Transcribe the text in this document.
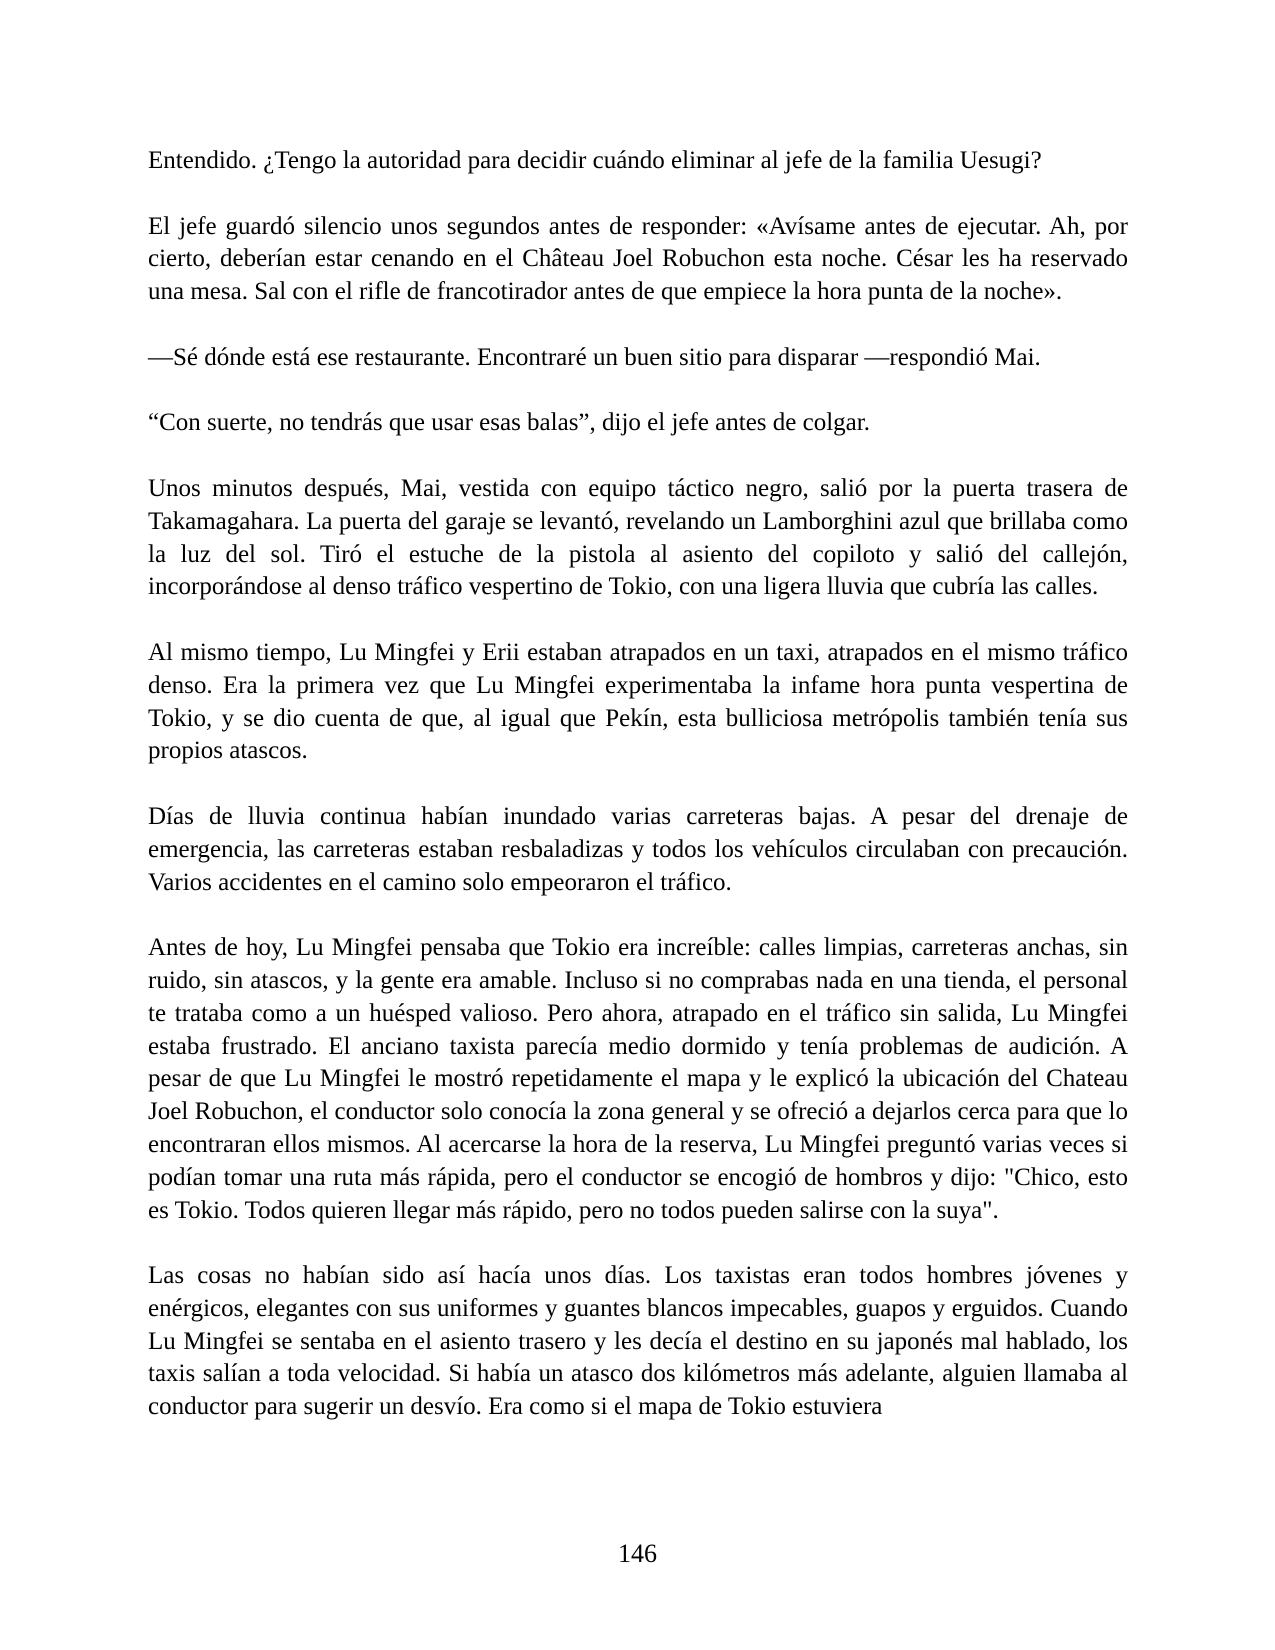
Entendido. ¿Tengo la autoridad para decidir cuándo eliminar al jefe de la familia Uesugi?

El jefe guardó silencio unos segundos antes de responder: «Avísame antes de ejecutar. Ah, por cierto, deberían estar cenando en el Château Joel Robuchon esta noche. César les ha reservado una mesa. Sal con el rifle de francotirador antes de que empiece la hora punta de la noche».

—Sé dónde está ese restaurante. Encontraré un buen sitio para disparar —respondió Mai.

“Con suerte, no tendrás que usar esas balas”, dijo el jefe antes de colgar.

Unos minutos después, Mai, vestida con equipo táctico negro, salió por la puerta trasera de Takamagahara. La puerta del garaje se levantó, revelando un Lamborghini azul que brillaba como la luz del sol. Tiró el estuche de la pistola al asiento del copiloto y salió del callejón, incorporándose al denso tráfico vespertino de Tokio, con una ligera lluvia que cubría las calles.

Al mismo tiempo, Lu Mingfei y Erii estaban atrapados en un taxi, atrapados en el mismo tráfico denso. Era la primera vez que Lu Mingfei experimentaba la infame hora punta vespertina de Tokio, y se dio cuenta de que, al igual que Pekín, esta bulliciosa metrópolis también tenía sus propios atascos.

Días de lluvia continua habían inundado varias carreteras bajas. A pesar del drenaje de emergencia, las carreteras estaban resbaladizas y todos los vehículos circulaban con precaución. Varios accidentes en el camino solo empeoraron el tráfico.

Antes de hoy, Lu Mingfei pensaba que Tokio era increíble: calles limpias, carreteras anchas, sin ruido, sin atascos, y la gente era amable. Incluso si no comprabas nada en una tienda, el personal te trataba como a un huésped valioso. Pero ahora, atrapado en el tráfico sin salida, Lu Mingfei estaba frustrado. El anciano taxista parecía medio dormido y tenía problemas de audición. A pesar de que Lu Mingfei le mostró repetidamente el mapa y le explicó la ubicación del Chateau Joel Robuchon, el conductor solo conocía la zona general y se ofreció a dejarlos cerca para que lo encontraran ellos mismos. Al acercarse la hora de la reserva, Lu Mingfei preguntó varias veces si podían tomar una ruta más rápida, pero el conductor se encogió de hombros y dijo: "Chico, esto es Tokio. Todos quieren llegar más rápido, pero no todos pueden salirse con la suya".

Las cosas no habían sido así hacía unos días. Los taxistas eran todos hombres jóvenes y enérgicos, elegantes con sus uniformes y guantes blancos impecables, guapos y erguidos. Cuando Lu Mingfei se sentaba en el asiento trasero y les decía el destino en su japonés mal hablado, los taxis salían a toda velocidad. Si había un atasco dos kilómetros más adelante, alguien llamaba al conductor para sugerir un desvío. Era como si el mapa de Tokio estuviera

146
